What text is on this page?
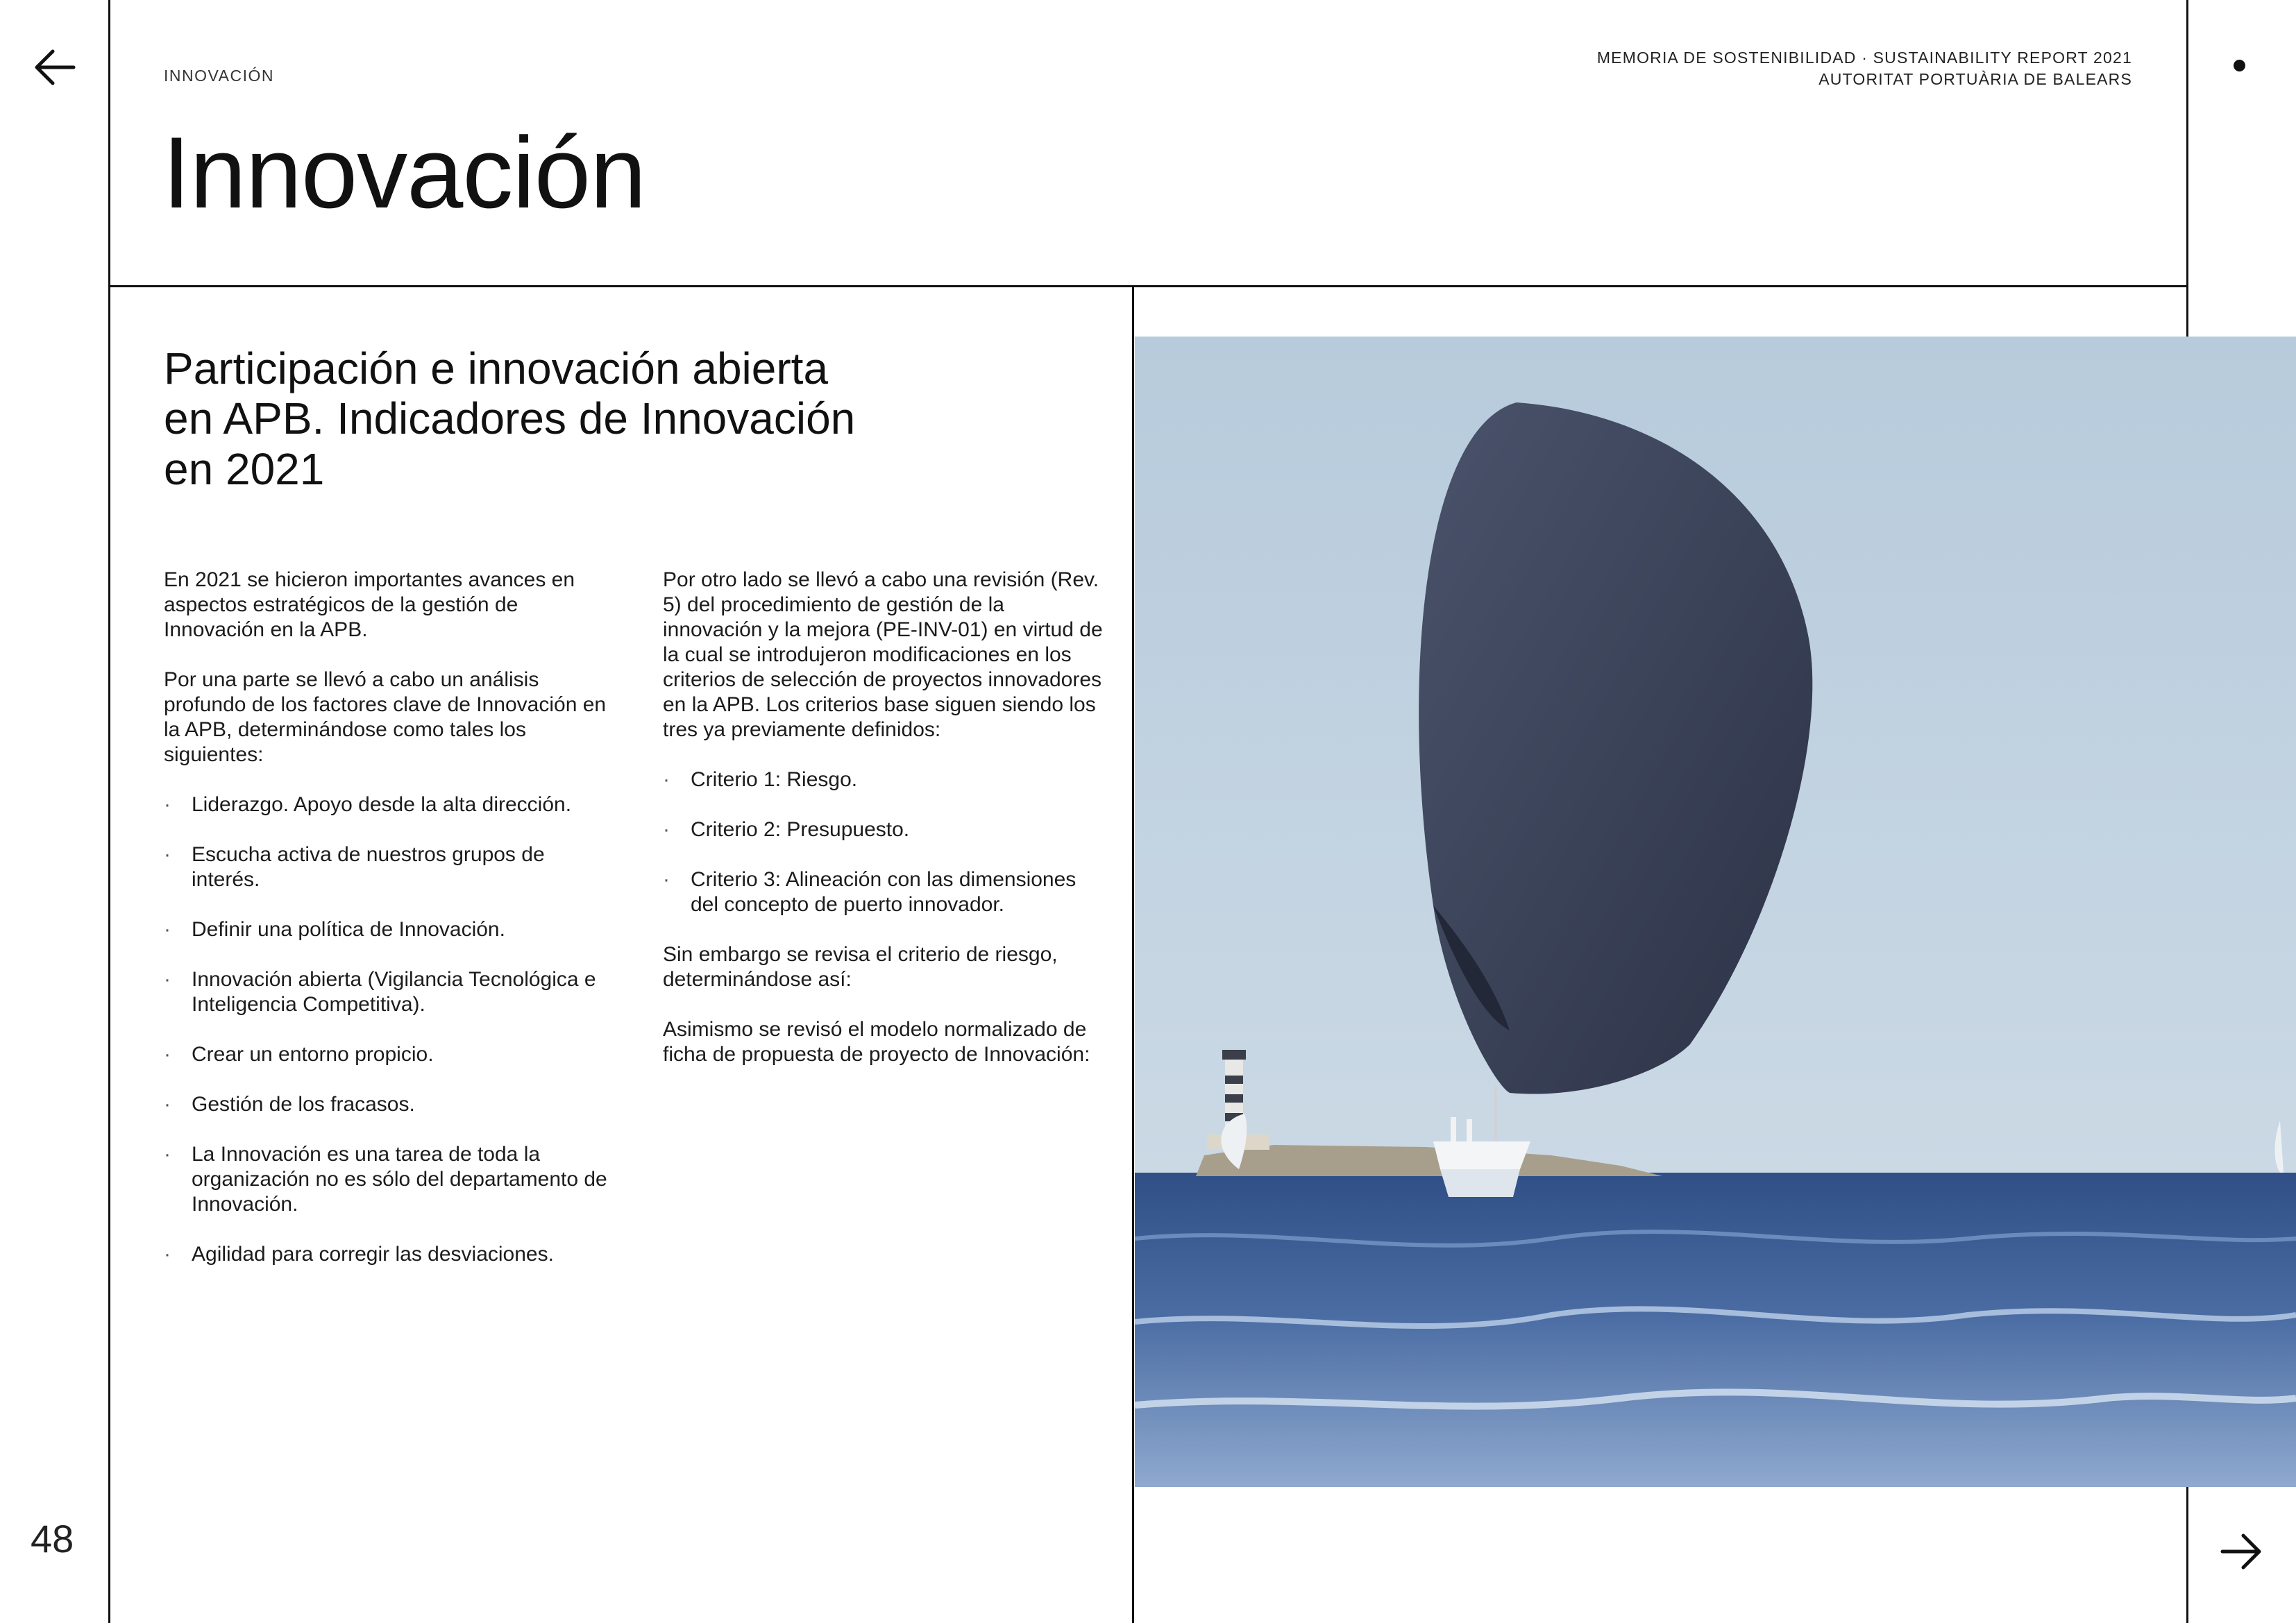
48
INNOVACIÓN
MEMORIA DE SOSTENIBILIDAD · SUSTAINABILITY REPORT 2021
AUTORITAT PORTUÀRIA DE BALEARS
Innovación
Participación e innovación abierta en APB. Indicadores de Innovación en 2021

En 2021 se hicieron importantes avances en aspectos estratégicos de la gestión de Innovación en la APB.

Por una parte se llevó a cabo un análisis profundo de los factores clave de Innovación en la APB, determinándose como tales los siguientes:

·	Liderazgo. Apoyo desde la alta dirección.
·	Escucha activa de nuestros grupos de interés.
·	Definir una política de Innovación.
·	Innovación abierta (Vigilancia Tecnológica e Inteligencia Competitiva).
·	Crear un entorno propicio.
·	Gestión de los fracasos.
·	La Innovación es una tarea de toda la organización no es sólo del departamento de Innovación.
·	Agilidad para corregir las desviaciones.

Por otro lado se llevó a cabo una revisión (Rev. 5) del procedimiento de gestión de la innovación y la mejora (PE-INV-01) en virtud de la cual se introdujeron modificaciones en los criterios de selección de proyectos innovadores en la APB. Los criterios base siguen siendo los tres ya previamente definidos:

·	Criterio 1: Riesgo.
·	Criterio 2: Presupuesto.
·	Criterio 3: Alineación con las dimensiones del concepto de puerto innovador.

Sin embargo se revisa el criterio de riesgo, determinándose así:

Asimismo se revisó el modelo normalizado de ficha de propuesta de proyecto de Innovación:
